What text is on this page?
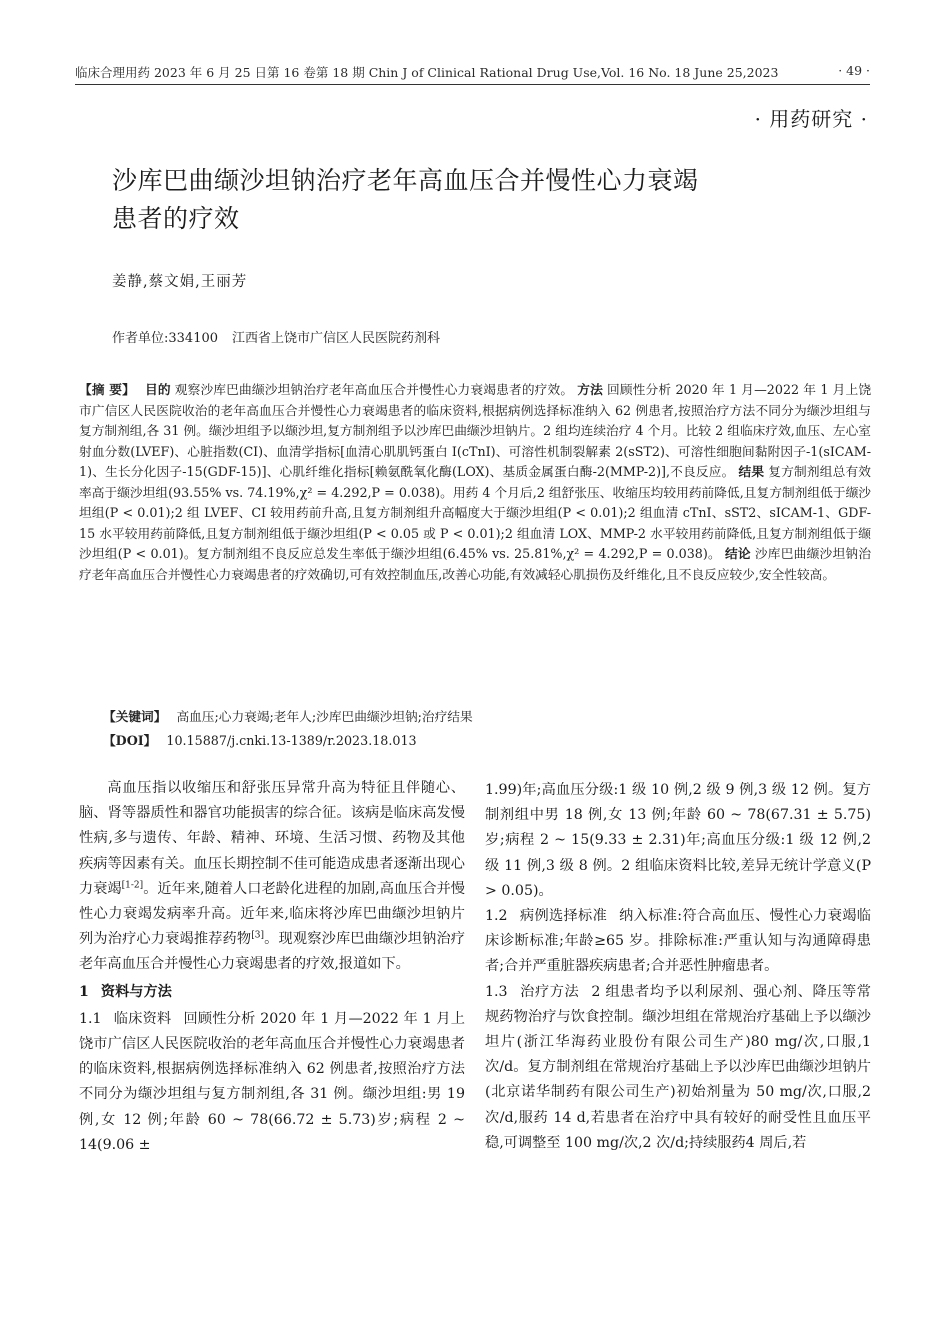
临床合理用药 2023 年 6 月 25 日第 16 卷第 18 期 Chin J of Clinical Rational Drug Use,Vol. 16 No. 18 June 25,2023	· 49 ·
· 用药研究 ·
沙库巴曲缬沙坦钠治疗老年高血压合并慢性心力衰竭
患者的疗效
姜静,蔡文娟,王丽芳
作者单位:334100 江西省上饶市广信区人民医院药剂科
【摘 要】 目的 观察沙库巴曲缬沙坦钠治疗老年高血压合并慢性心力衰竭患者的疗效。 方法 回顾性分析 2020 年 1 月—2022 年 1 月上饶市广信区人民医院收治的老年高血压合并慢性心力衰竭患者的临床资料,根据病例选择标准纳入 62 例患者,按照治疗方法不同分为缬沙坦组与复方制剂组,各 31 例。缬沙坦组予以缬沙坦,复方制剂组予以沙库巴曲缬沙坦钠片。2 组均连续治疗 4 个月。比较 2 组临床疗效,血压、左心室射血分数(LVEF)、心脏指数(CI)、血清学指标[血清心肌肌钙蛋白 I(cTnI)、可溶性机制裂解素 2(sST2)、可溶性细胞间黏附因子-1(sICAM-1)、生长分化因子-15(GDF-15)]、心肌纤维化指标[赖氨酰氧化酶(LOX)、基质金属蛋白酶-2(MMP-2)],不良反应。 结果 复方制剂组总有效率高于缬沙坦组(93.55% vs. 74.19%,χ² = 4.292,P = 0.038)。用药 4 个月后,2 组舒张压、收缩压均较用药前降低,且复方制剂组低于缬沙坦组(P < 0.01);2 组 LVEF、CI 较用药前升高,且复方制剂组升高幅度大于缬沙坦组(P < 0.01);2 组血清 cTnI、sST2、sICAM-1、GDF-15 水平较用药前降低,且复方制剂组低于缬沙坦组(P < 0.05 或 P < 0.01);2 组血清 LOX、MMP-2 水平较用药前降低,且复方制剂组低于缬沙坦组(P < 0.01)。复方制剂组不良反应总发生率低于缬沙坦组(6.45% vs. 25.81%,χ² = 4.292,P = 0.038)。 结论 沙库巴曲缬沙坦钠治疗老年高血压合并慢性心力衰竭患者的疗效确切,可有效控制血压,改善心功能,有效减轻心肌损伤及纤维化,且不良反应较少,安全性较高。
【关键词】 高血压;心力衰竭;老年人;沙库巴曲缬沙坦钠;治疗结果
【DOI】 10.15887/j.cnki.13-1389/r.2023.18.013

高血压指以收缩压和舒张压异常升高为特征且伴随心、脑、肾等器质性和器官功能损害的综合征。该病是临床高发慢性病,多与遗传、年龄、精神、环境、生活习惯、药物及其他疾病等因素有关。血压长期控制不佳可能造成患者逐渐出现心力衰竭[1-2]。近年来,随着人口老龄化进程的加剧,高血压合并慢性心力衰竭发病率升高。近年来,临床将沙库巴曲缬沙坦钠片列为治疗心力衰竭推荐药物[3]。现观察沙库巴曲缬沙坦钠治疗老年高血压合并慢性心力衰竭患者的疗效,报道如下。

1 资料与方法

1.1 临床资料 回顾性分析 2020 年 1 月—2022 年 1 月上饶市广信区人民医院收治的老年高血压合并慢性心力衰竭患者的临床资料,根据病例选择标准纳入 62 例患者,按照治疗方法不同分为缬沙坦组与复方制剂组,各 31 例。缬沙坦组:男 19 例,女 12 例;年龄 60 ~ 78(66.72 ± 5.73)岁;病程 2 ~ 14(9.06 ±

1.99)年;高血压分级:1 级 10 例,2 级 9 例,3 级 12 例。复方制剂组中男 18 例,女 13 例;年龄 60 ~ 78(67.31 ± 5.75)岁;病程 2 ~ 15(9.33 ± 2.31)年;高血压分级:1 级 12 例,2 级 11 例,3 级 8 例。2 组临床资料比较,差异无统计学意义(P > 0.05)。

1.2 病例选择标准 纳入标准:符合高血压、慢性心力衰竭临床诊断标准;年龄≥65 岁。排除标准:严重认知与沟通障碍患者;合并严重脏器疾病患者;合并恶性肿瘤患者。

1.3 治疗方法 2 组患者均予以利尿剂、强心剂、降压等常规药物治疗与饮食控制。缬沙坦组在常规治疗基础上予以缬沙坦片(浙江华海药业股份有限公司生产)80 mg/次,口服,1 次/d。复方制剂组在常规治疗基础上予以沙库巴曲缬沙坦钠片(北京诺华制药有限公司生产)初始剂量为 50 mg/次,口服,2 次/d,服药 14 d,若患者在治疗中具有较好的耐受性且血压平稳,可调整至 100 mg/次,2 次/d;持续服药4 周后,若
